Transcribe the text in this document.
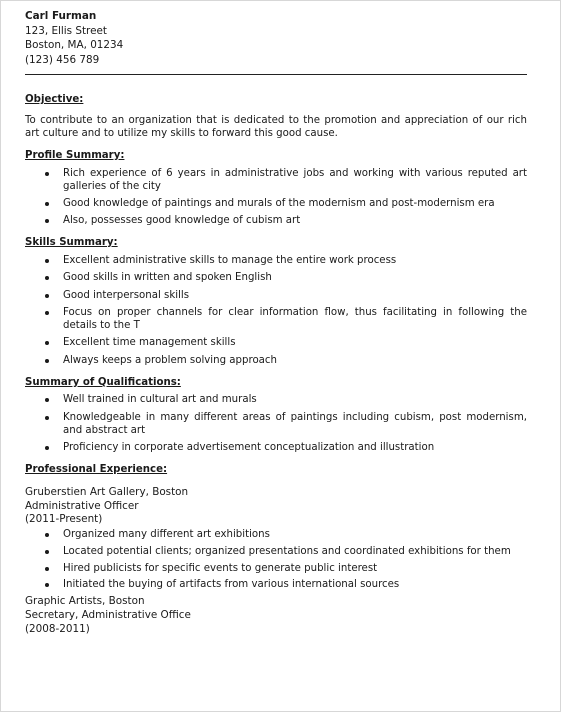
Carl Furman
123, Ellis Street
Boston, MA, 01234
(123) 456 789

Objective:

To contribute to an organization that is dedicated to the promotion and appreciation of our rich art culture and to utilize my skills to forward this good cause.

Profile Summary:

Rich experience of 6 years in administrative jobs and working with various reputed art galleries of the city
Good knowledge of paintings and murals of the modernism and post-modernism era
Also, possesses good knowledge of cubism art

Skills Summary:

Excellent administrative skills to manage the entire work process
Good skills in written and spoken English
Good interpersonal skills
Focus on proper channels for clear information flow, thus facilitating in following the details to the T
Excellent time management skills
Always keeps a problem solving approach

Summary of Qualifications:

Well trained in cultural art and murals
Knowledgeable in many different areas of paintings including cubism, post modernism, and abstract art
Proficiency in corporate advertisement conceptualization and illustration

Professional Experience:

Gruberstien Art Gallery, Boston
Administrative Officer
(2011-Present)
Organized many different art exhibitions
Located potential clients; organized presentations and coordinated exhibitions for them
Hired publicists for specific events to generate public interest
Initiated the buying of artifacts from various international sources
Graphic Artists, Boston
Secretary, Administrative Office
(2008-2011)
